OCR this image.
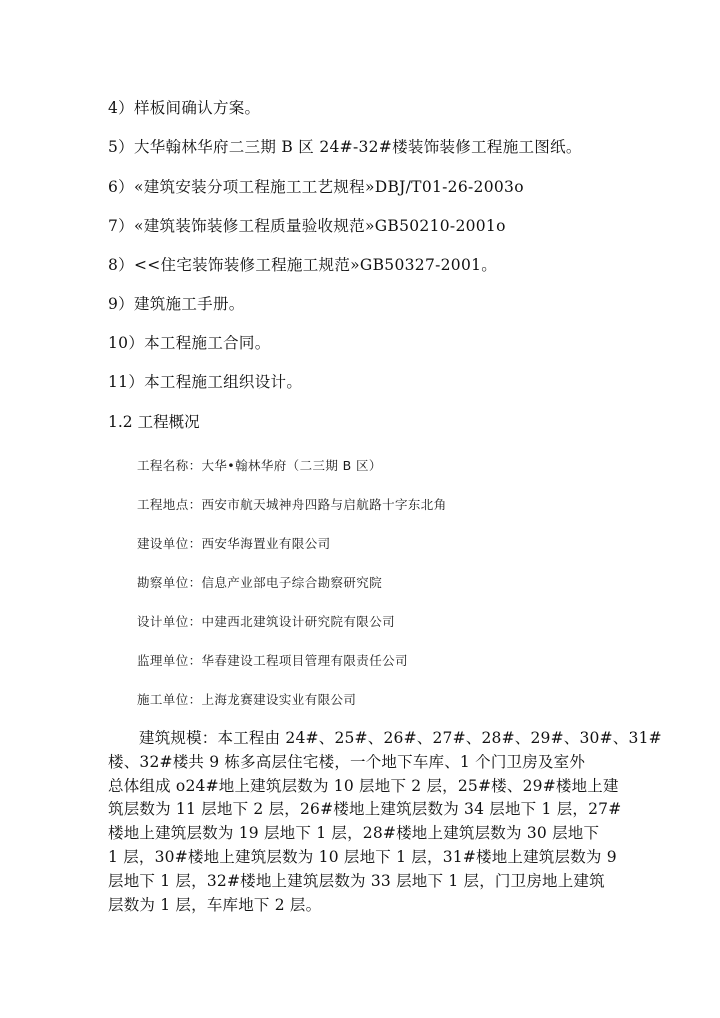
4）样板间确认方案。
5）大华翰林华府二三期 B 区 24#-32#楼装饰装修工程施工图纸。
6）«建筑安装分项工程施工工艺规程»DBJ/T01-26-2003o
7）«建筑装饰装修工程质量验收规范»GB50210-2001o
8）<<住宅装饰装修工程施工规范»GB50327-2001。
9）建筑施工手册。
10）本工程施工合同。
11）本工程施工组织设计。
1.2 工程概况
工程名称：大华•翰林华府（二三期 B 区）
工程地点：西安市航天城神舟四路与启航路十字东北角
建设单位：西安华海置业有限公司
勘察单位：信息产业部电子综合勘察研究院
设计单位：中建西北建筑设计研究院有限公司
监理单位：华春建设工程项目管理有限责任公司
施工单位：上海龙赛建设实业有限公司
建筑规模：本工程由 24#、25#、26#、27#、28#、29#、30#、31#
楼、32#楼共 9 栋多高层住宅楼，一个地下车库、1 个门卫房及室外
总体组成 o24#地上建筑层数为 10 层地下 2 层，25#楼、29#楼地上建
筑层数为 11 层地下 2 层，26#楼地上建筑层数为 34 层地下 1 层，27#
楼地上建筑层数为 19 层地下 1 层，28#楼地上建筑层数为 30 层地下
1 层，30#楼地上建筑层数为 10 层地下 1 层，31#楼地上建筑层数为 9
层地下 1 层，32#楼地上建筑层数为 33 层地下 1 层，门卫房地上建筑
层数为 1 层，车库地下 2 层。
